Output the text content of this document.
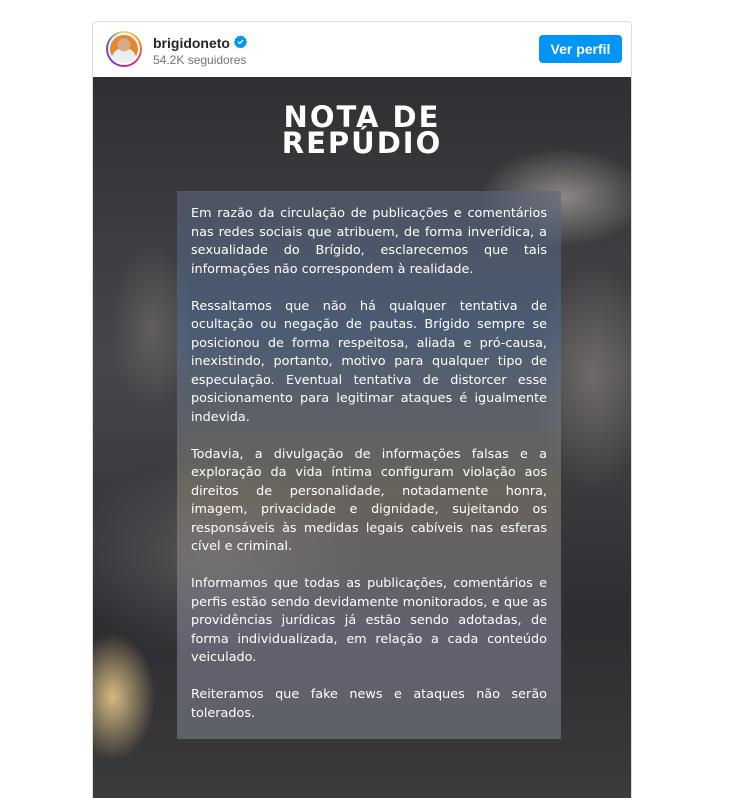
brigidoneto
54.2K seguidores
Ver perfil
NOTA DE
REPÚDIO

Em razão da circulação de publicações e comentários nas redes sociais que atribuem, de forma inverídica, a sexualidade do Brígido, esclarecemos que tais informações não correspondem à realidade.

Ressaltamos que não há qualquer tentativa de ocultação ou negação de pautas. Brígido sempre se posicionou de forma respeitosa, aliada e pró-causa, inexistindo, portanto, motivo para qualquer tipo de especulação. Eventual tentativa de distorcer esse posicionamento para legitimar ataques é igualmente indevida.

Todavia, a divulgação de informações falsas e a exploração da vida íntima configuram violação aos direitos de personalidade, notadamente honra, imagem, privacidade e dignidade, sujeitando os responsáveis às medidas legais cabíveis nas esferas cível e criminal.

Informamos que todas as publicações, comentários e perfis estão sendo devidamente monitorados, e que as providências jurídicas já estão sendo adotadas, de forma individualizada, em relação a cada conteúdo veiculado.

Reiteramos que fake news e ataques não serão tolerados.
